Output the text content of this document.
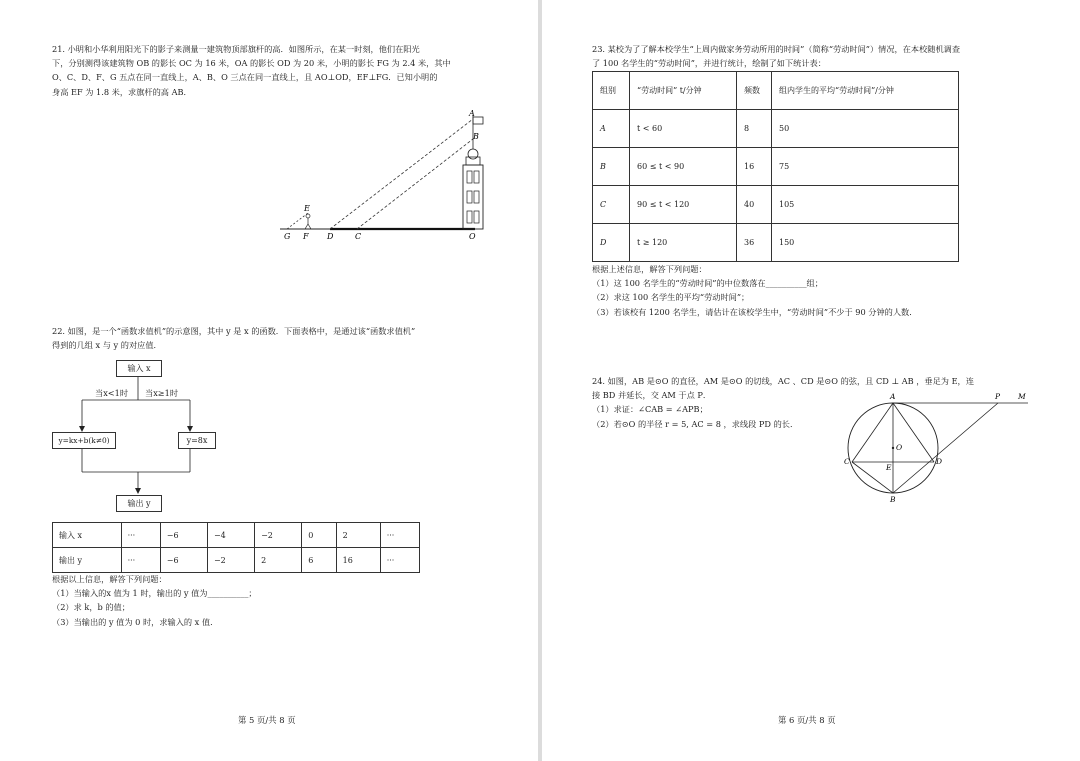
21. 小明和小华利用阳光下的影子来测量一建筑物顶部旗杆的高．如图所示，在某一时刻，他们在阳光
下，分别测得该建筑物 OB 的影长 OC 为 16 米，OA 的影长 OD 为 20 米，小明的影长 FG 为 2.4 米，其中
O、C、D、F、G 五点在同一直线上，A、B、O 三点在同一直线上，且 AO⊥OD，EF⊥FG．已知小明的
身高 EF 为 1.8 米，求旗杆的高 AB．
A
B
E
G F D	C	O
22. 如图，是一个“函数求值机”的示意图，其中 y 是 x 的函数．下面表格中，是通过该“函数求值机”
得到的几组 x 与 y 的对应值．
输入 x
当x<1时 当x≥1时
y=kx+b(k≠0)	y=8x
输出 y
输入 x	···	−6	−4	−2	0	2	···
输出 y	···	−6	−2	2	6	16	···
根据以上信息，解答下列问题：
（1）当输入的x 值为 1 时，输出的 y 值为__________；
（2）求 k，b 的值；
（3）当输出的 y 值为 0 时，求输入的 x 值．
第 5 页/共 8 页
23. 某校为了了解本校学生“上周内做家务劳动所用的时间”（简称“劳动时间”）情况，在本校随机调查
了 100 名学生的“劳动时间”，并进行统计，绘制了如下统计表：
组别	“劳动时间” t/分钟	频数	组内学生的平均“劳动时间”/分钟
A	t < 60	8	50
B	60 ≤ t < 90	16	75
C	90 ≤ t < 120	40	105
D	t ≥ 120	36	150
根据上述信息，解答下列问题：
（1）这 100 名学生的“劳动时间”的中位数落在__________组；
（2）求这 100 名学生的平均“劳动时间”；
（3）若该校有 1200 名学生，请估计在该校学生中，“劳动时间”不少于 90 分钟的人数．
24. 如图，AB 是⊙O 的直径，AM 是⊙O 的切线，AC 、CD 是⊙O 的弦，且 CD ⊥ AB ，垂足为 E，连
接 BD 并延长，交 AM 于点 P．
（1）求证：∠CAB = ∠APB；
（2）若⊙O 的半径 r = 5, AC = 8 ，求线段 PD 的长．
A	P M
O
C
E
D
B
第 6 页/共 8 页
